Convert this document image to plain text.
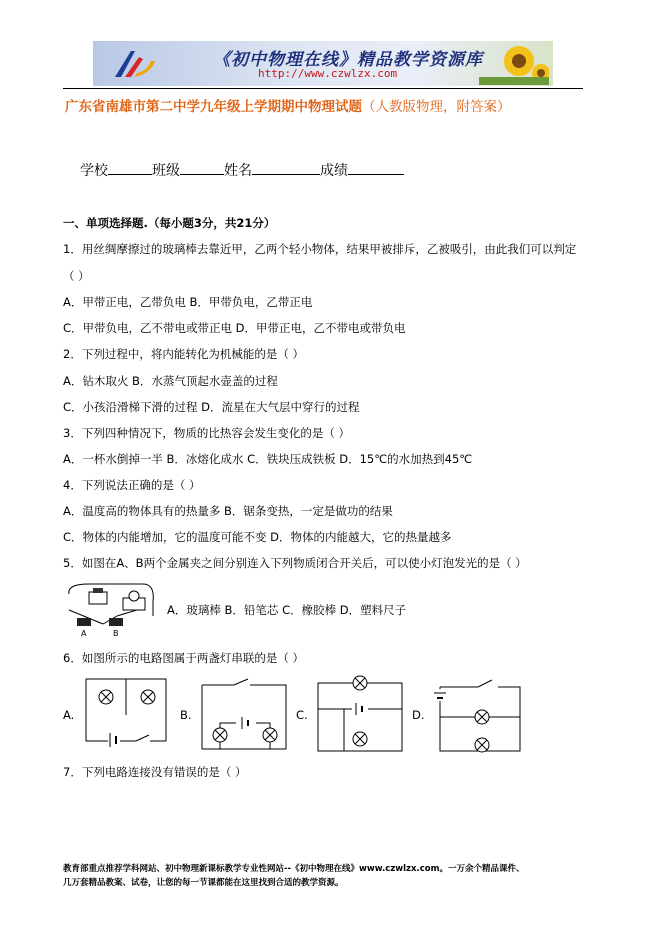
《初中物理在线》精品教学资源库
http://www.czwlzx.com
广东省南雄市第二中学九年级上学期期中物理试题（人教版物理，附答案）
学校	班级	姓名	成绩
一、单项选择题.（每小题3分，共21分）
1．用丝绸摩擦过的玻璃棒去靠近甲，乙两个轻小物体，结果甲被排斥，乙被吸引，由此我们可以判定
（ ）
A．甲带正电，乙带负电 B．甲带负电，乙带正电
C．甲带负电，乙不带电或带正电 D．甲带正电，乙不带电或带负电
2．下列过程中，将内能转化为机械能的是（ ）
A．钻木取火 B．水蒸气顶起水壶盖的过程
C．小孩沿滑梯下滑的过程 D．流星在大气层中穿行的过程
3．下列四种情况下，物质的比热容会发生变化的是（ ）
A．一杯水倒掉一半 B．冰熔化成水 C．铁块压成铁板 D．15℃的水加热到45℃
4．下列说法正确的是（ ）
A．温度高的物体具有的热量多 B．锯条变热，一定是做功的结果
C．物体的内能增加，它的温度可能不变 D．物体的内能越大，它的热量越多
5．如图在A、B两个金属夹之间分别连入下列物质闭合开关后，可以使小灯泡发光的是（ ）
A	B
A．玻璃棒 B．铅笔芯 C．橡胶棒 D．塑料尺子
6．如图所示的电路图属于两盏灯串联的是（ ）
A.	B.	C.	D.
7．下列电路连接没有错误的是（ ）
教育部重点推荐学科网站、初中物理新课标教学专业性网站--《初中物理在线》www.czwlzx.com。一万余个精品课件、
几万套精品教案、试卷，让您的每一节课都能在这里找到合适的教学资源。
